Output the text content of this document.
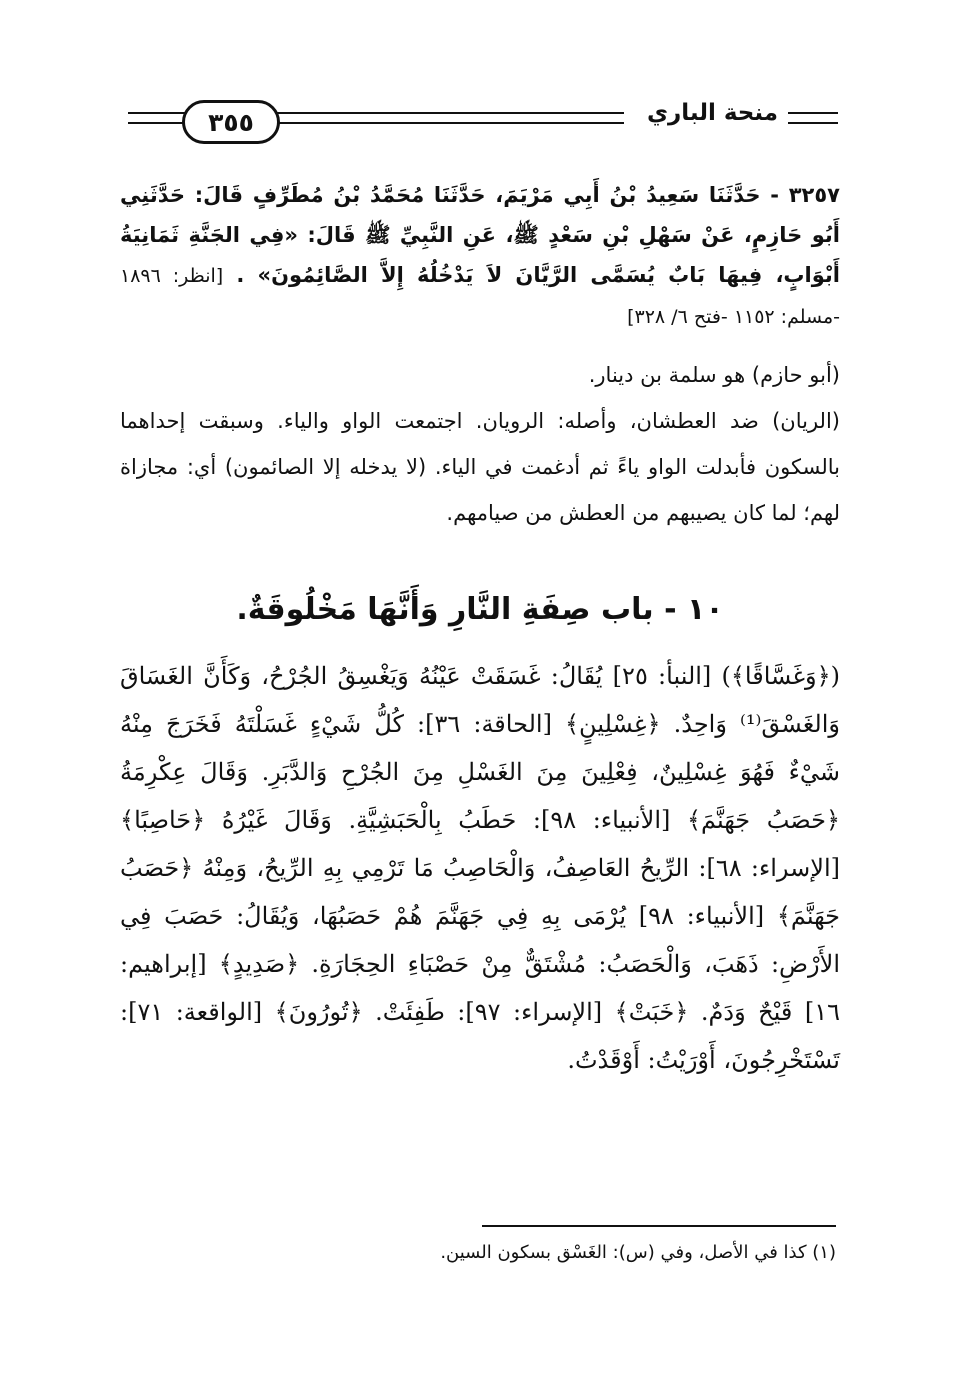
٣٥٥	منحة الباري
٣٢٥٧ - حَدَّثَنَا سَعِيدُ بْنُ أَبِي مَرْيَمَ، حَدَّثَنَا مُحَمَّدُ بْنُ مُطَرِّفٍ قَالَ: حَدَّثَنِي أَبُو حَازِمٍ، عَنْ سَهْلِ بْنِ سَعْدٍ ﷺ، عَنِ النَّبِيِّ ﷺ قَالَ: «فِي الجَنَّةِ ثَمَانِيَةُ أَبْوَابٍ، فِيهَا بَابٌ يُسَمَّى الرَّيَّانَ لاَ يَدْخُلُهُ إِلاَّ الصَّائِمُونَ» . [انظر: ١٨٩٦ -مسلم: ١١٥٢ -فتح ٦/ ٣٢٨]

(أبو حازم) هو سلمة بن دينار.

(الريان) ضد العطشان، وأصله: الرويان. اجتمعت الواو والياء. وسبقت إحداهما بالسكون فأبدلت الواو ياءً ثم أدغمت في الياء. (لا يدخله إلا الصائمون) أي: مجازاة لهم؛ لما كان يصيبهم من العطش من صيامهم.

١٠ - باب صِفَةِ النَّارِ وَأَنَّهَا مَخْلُوقَةٌ.
(﴿وَغَسَّاقًا﴾) [النبأ: ٢٥] يُقَالُ: غَسَقَتْ عَيْنُهُ وَيَغْسِقُ الجُرْحُ، وَكَأَنَّ الغَسَاقَ وَالغَسْقَ⁽¹⁾ وَاحِدٌ. ﴿غِسْلِينٍ﴾ [الحاقة: ٣٦]: كُلُّ شَيْءٍ غَسَلْتَهُ فَخَرَجَ مِنْهُ شَيْءٌ فَهُوَ غِسْلِينٌ، فِعْلِينَ مِنَ الغَسْلِ مِنَ الجُرْحِ وَالدَّبَرِ. وَقَالَ عِكْرِمَةُ ﴿حَصَبُ جَهَنَّمَ﴾ [الأنبياء: ٩٨]: حَطَبُ بِالْحَبَشِيَّةِ. وَقَالَ غَيْرُهُ ﴿حَاصِبًا﴾ [الإسراء: ٦٨]: الرِّيحُ العَاصِفُ، وَالْحَاصِبُ مَا تَرْمِي بِهِ الرِّيحُ، وَمِنْهُ ﴿حَصَبُ جَهَنَّمَ﴾ [الأنبياء: ٩٨] يُرْمَى بِهِ فِي جَهَنَّمَ هُمْ حَصَبُهَا، وَيُقَالُ: حَصَبَ فِي الأَرْضِ: ذَهَبَ، وَالْحَصَبُ: مُشْتَقٌّ مِنْ حَصْبَاءِ الحِجَارَةِ. ﴿صَدِيدٍ﴾ [إبراهيم: ١٦] قَيْحٌ وَدَمٌ. ﴿خَبَتْ﴾ [الإسراء: ٩٧]: طَفِئَتْ. ﴿تُورُونَ﴾ [الواقعة: ٧١]: تَسْتَخْرِجُونَ، أَوْرَيْتُ: أَوْقَدْتُ.
(١) كذا في الأصل، وفي (س): الغَسْق بسكون السين.
